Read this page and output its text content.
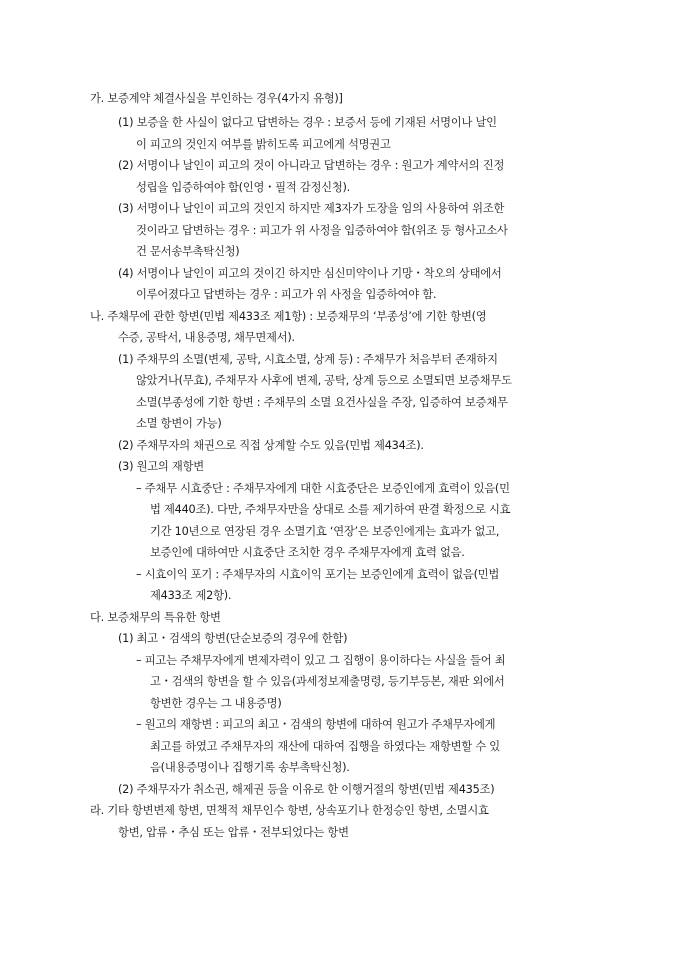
가. 보증계약 체결사실을 부인하는 경우(4가지 유형)]
(1) 보증을 한 사실이 없다고 답변하는 경우 : 보증서 등에 기재된 서명이나 날인
이 피고의 것인지 여부를 밝히도록 피고에게 석명권고
(2) 서명이나 날인이 피고의 것이 아니라고 답변하는 경우 : 원고가 계약서의 진정
성립을 입증하여야 함(인영・필적 감정신청).
(3) 서명이나 날인이 피고의 것인지 하지만 제3자가 도장을 임의 사용하여 위조한
것이라고 답변하는 경우 : 피고가 위 사정을 입증하여야 함(위조 등 형사고소사
건 문서송부촉탁신청)
(4) 서명이나 날인이 피고의 것이긴 하지만 심신미약이나 기망・착오의 상태에서
이루어졌다고 답변하는 경우 : 피고가 위 사정을 입증하여야 함.
나. 주채무에 관한 항변(민법 제433조 제1항) : 보증채무의 ‘부종성’에 기한 항변(영
수증, 공탁서, 내용증명, 채무면제서).
(1) 주채무의 소멸(변제, 공탁, 시효소멸, 상계 등) : 주채무가 처음부터 존재하지
않았거나(무효), 주채무자 사후에 변제, 공탁, 상계 등으로 소멸되면 보증채무도
소멸(부종성에 기한 항변 : 주채무의 소멸 요건사실을 주장, 입증하여 보증채무
소멸 항변이 가능)
(2) 주채무자의 채권으로 직접 상계할 수도 있음(민법 제434조).
(3) 원고의 재항변
– 주채무 시효중단 : 주채무자에게 대한 시효중단은 보증인에게 효력이 있음(민
법 제440조). 다만, 주채무자만을 상대로 소를 제기하여 판결 확정으로 시효
기간 10년으로 연장된 경우 소멸기효 ‘연장’은 보증인에게는 효과가 없고,
보증인에 대하여만 시효중단 조치한 경우 주채무자에게 효력 없음.
– 시효이익 포기 : 주채무자의 시효이익 포기는 보증인에게 효력이 없음(민법
제433조 제2항).
다. 보증채무의 특유한 항변
(1) 최고・검색의 항변(단순보증의 경우에 한함)
– 피고는 주채무자에게 변제자력이 있고 그 집행이 용이하다는 사실을 들어 최
고・검색의 항변을 할 수 있음(과세정보제출명령, 등기부등본, 재판 외에서
항변한 경우는 그 내용증명)
– 원고의 재항변 : 피고의 최고・검색의 항변에 대하여 원고가 주채무자에게
최고를 하였고 주채무자의 재산에 대하여 집행을 하였다는 재항변할 수 있
음(내용증명이나 집행기록 송부촉탁신청).
(2) 주채무자가 취소권, 해제권 등을 이유로 한 이행거절의 항변(민법 제435조)
라. 기타 항변변제 항변, 면책적 채무인수 항변, 상속포기나 한정승인 항변, 소멸시효
항변, 압류・추심 또는 압류・전부되었다는 항변
